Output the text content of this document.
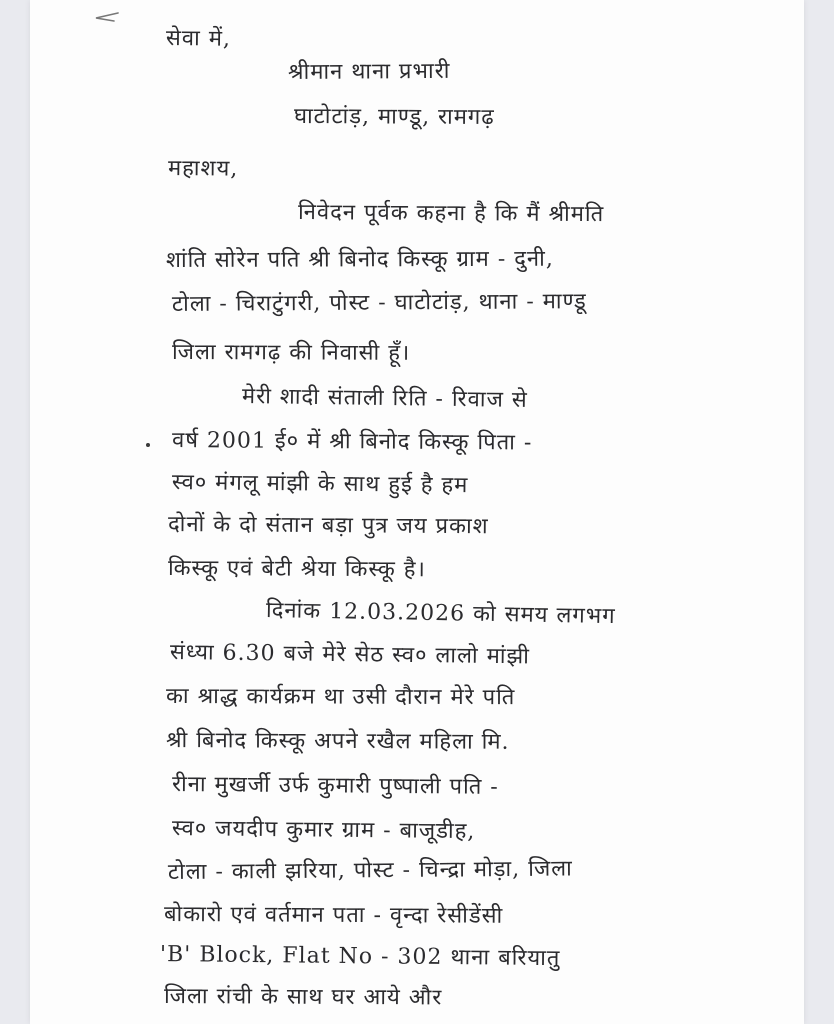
सेवा में,
श्रीमान थाना प्रभारी
घाटोटांड़, माण्डू, रामगढ़
महाशय,
निवेदन पूर्वक कहना है कि मैं श्रीमति
शांति सोरेन पति श्री बिनोद किस्कू ग्राम - दुनी,
टोला - चिराटुंगरी, पोस्ट - घाटोटांड़, थाना - माण्डू
जिला रामगढ़ की निवासी हूँ।
मेरी शादी संताली रिति - रिवाज से
वर्ष 2001 ई० में श्री बिनोद किस्कू पिता -
स्व० मंगलू मांझी के साथ हुई है हम
दोनों के दो संतान बड़ा पुत्र जय प्रकाश
किस्कू एवं बेटी श्रेया किस्कू है।
दिनांक 12.03.2026 को समय लगभग
संध्या 6.30 बजे मेरे सेठ स्व० लालो मांझी
का श्राद्ध कार्यक्रम था उसी दौरान मेरे पति
श्री बिनोद किस्कू अपने रखैल महिला मि.
रीना मुखर्जी उर्फ कुमारी पुष्पाली पति -
स्व० जयदीप कुमार ग्राम - बाजूडीह,
टोला - काली झरिया, पोस्ट - चिन्द्रा मोड़ा, जिला
बोकारो एवं वर्तमान पता - वृन्दा रेसीडेंसी
'B' Block, Flat No - 302 थाना बरियातु
जिला रांची के साथ घर आये और
